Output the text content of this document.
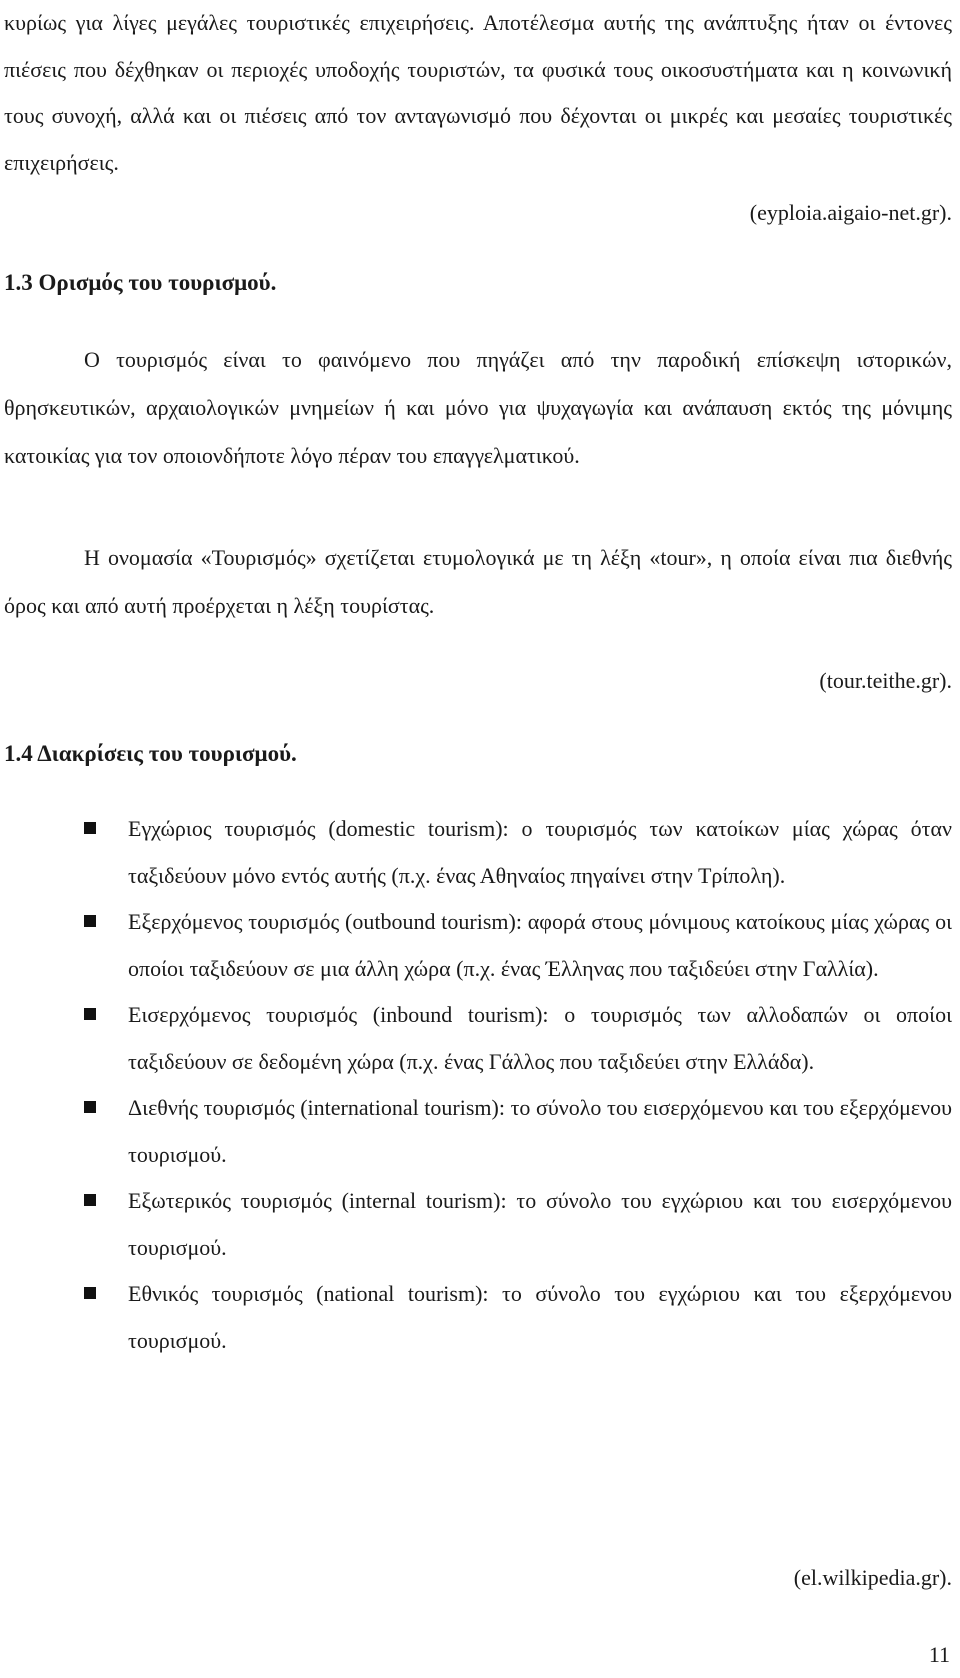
κυρίως για λίγες μεγάλες τουριστικές επιχειρήσεις. Αποτέλεσμα αυτής της ανάπτυξης ήταν οι έντονες πιέσεις που δέχθηκαν οι περιοχές υποδοχής τουριστών, τα φυσικά τους οικοσυστήματα και η κοινωνική τους συνοχή, αλλά και οι πιέσεις από τον ανταγωνισμό που δέχονται οι μικρές και μεσαίες τουριστικές επιχειρήσεις.

(eyploia.aigaio-net.gr).

1.3 Ορισμός του τουρισμού.

Ο τουρισμός είναι το φαινόμενο που πηγάζει από την παροδική επίσκεψη ιστορικών, θρησκευτικών, αρχαιολογικών μνημείων ή και μόνο για ψυχαγωγία και ανάπαυση εκτός της μόνιμης κατοικίας για τον οποιονδήποτε λόγο πέραν του επαγγελματικού.

Η ονομασία «Τουρισμός» σχετίζεται ετυμολογικά με τη λέξη «tour», η οποία είναι πια διεθνής όρος και από αυτή προέρχεται η λέξη τουρίστας.

(tour.teithe.gr).

1.4 Διακρίσεις του τουρισμού.
Εγχώριος τουρισμός (domestic tourism): ο τουρισμός των κατοίκων μίας χώρας όταν ταξιδεύουν μόνο εντός αυτής (π.χ. ένας Αθηναίος πηγαίνει στην Τρίπολη).
Εξερχόμενος τουρισμός (outbound tourism): αφορά στους μόνιμους κατοίκους μίας χώρας οι οποίοι ταξιδεύουν σε μια άλλη χώρα (π.χ. ένας Έλληνας που ταξιδεύει στην Γαλλία).
Εισερχόμενος τουρισμός (inbound tourism): ο τουρισμός των αλλοδαπών οι οποίοι ταξιδεύουν σε δεδομένη χώρα (π.χ. ένας Γάλλος που ταξιδεύει στην Ελλάδα).
Διεθνής τουρισμός (international tourism): το σύνολο του εισερχόμενου και του εξερχόμενου τουρισμού.
Εξωτερικός τουρισμός (internal tourism): το σύνολο του εγχώριου και του εισερχόμενου τουρισμού.
Εθνικός τουρισμός (national tourism): το σύνολο του εγχώριου και του εξερχόμενου τουρισμού.

(el.wilkipedia.gr).

11
